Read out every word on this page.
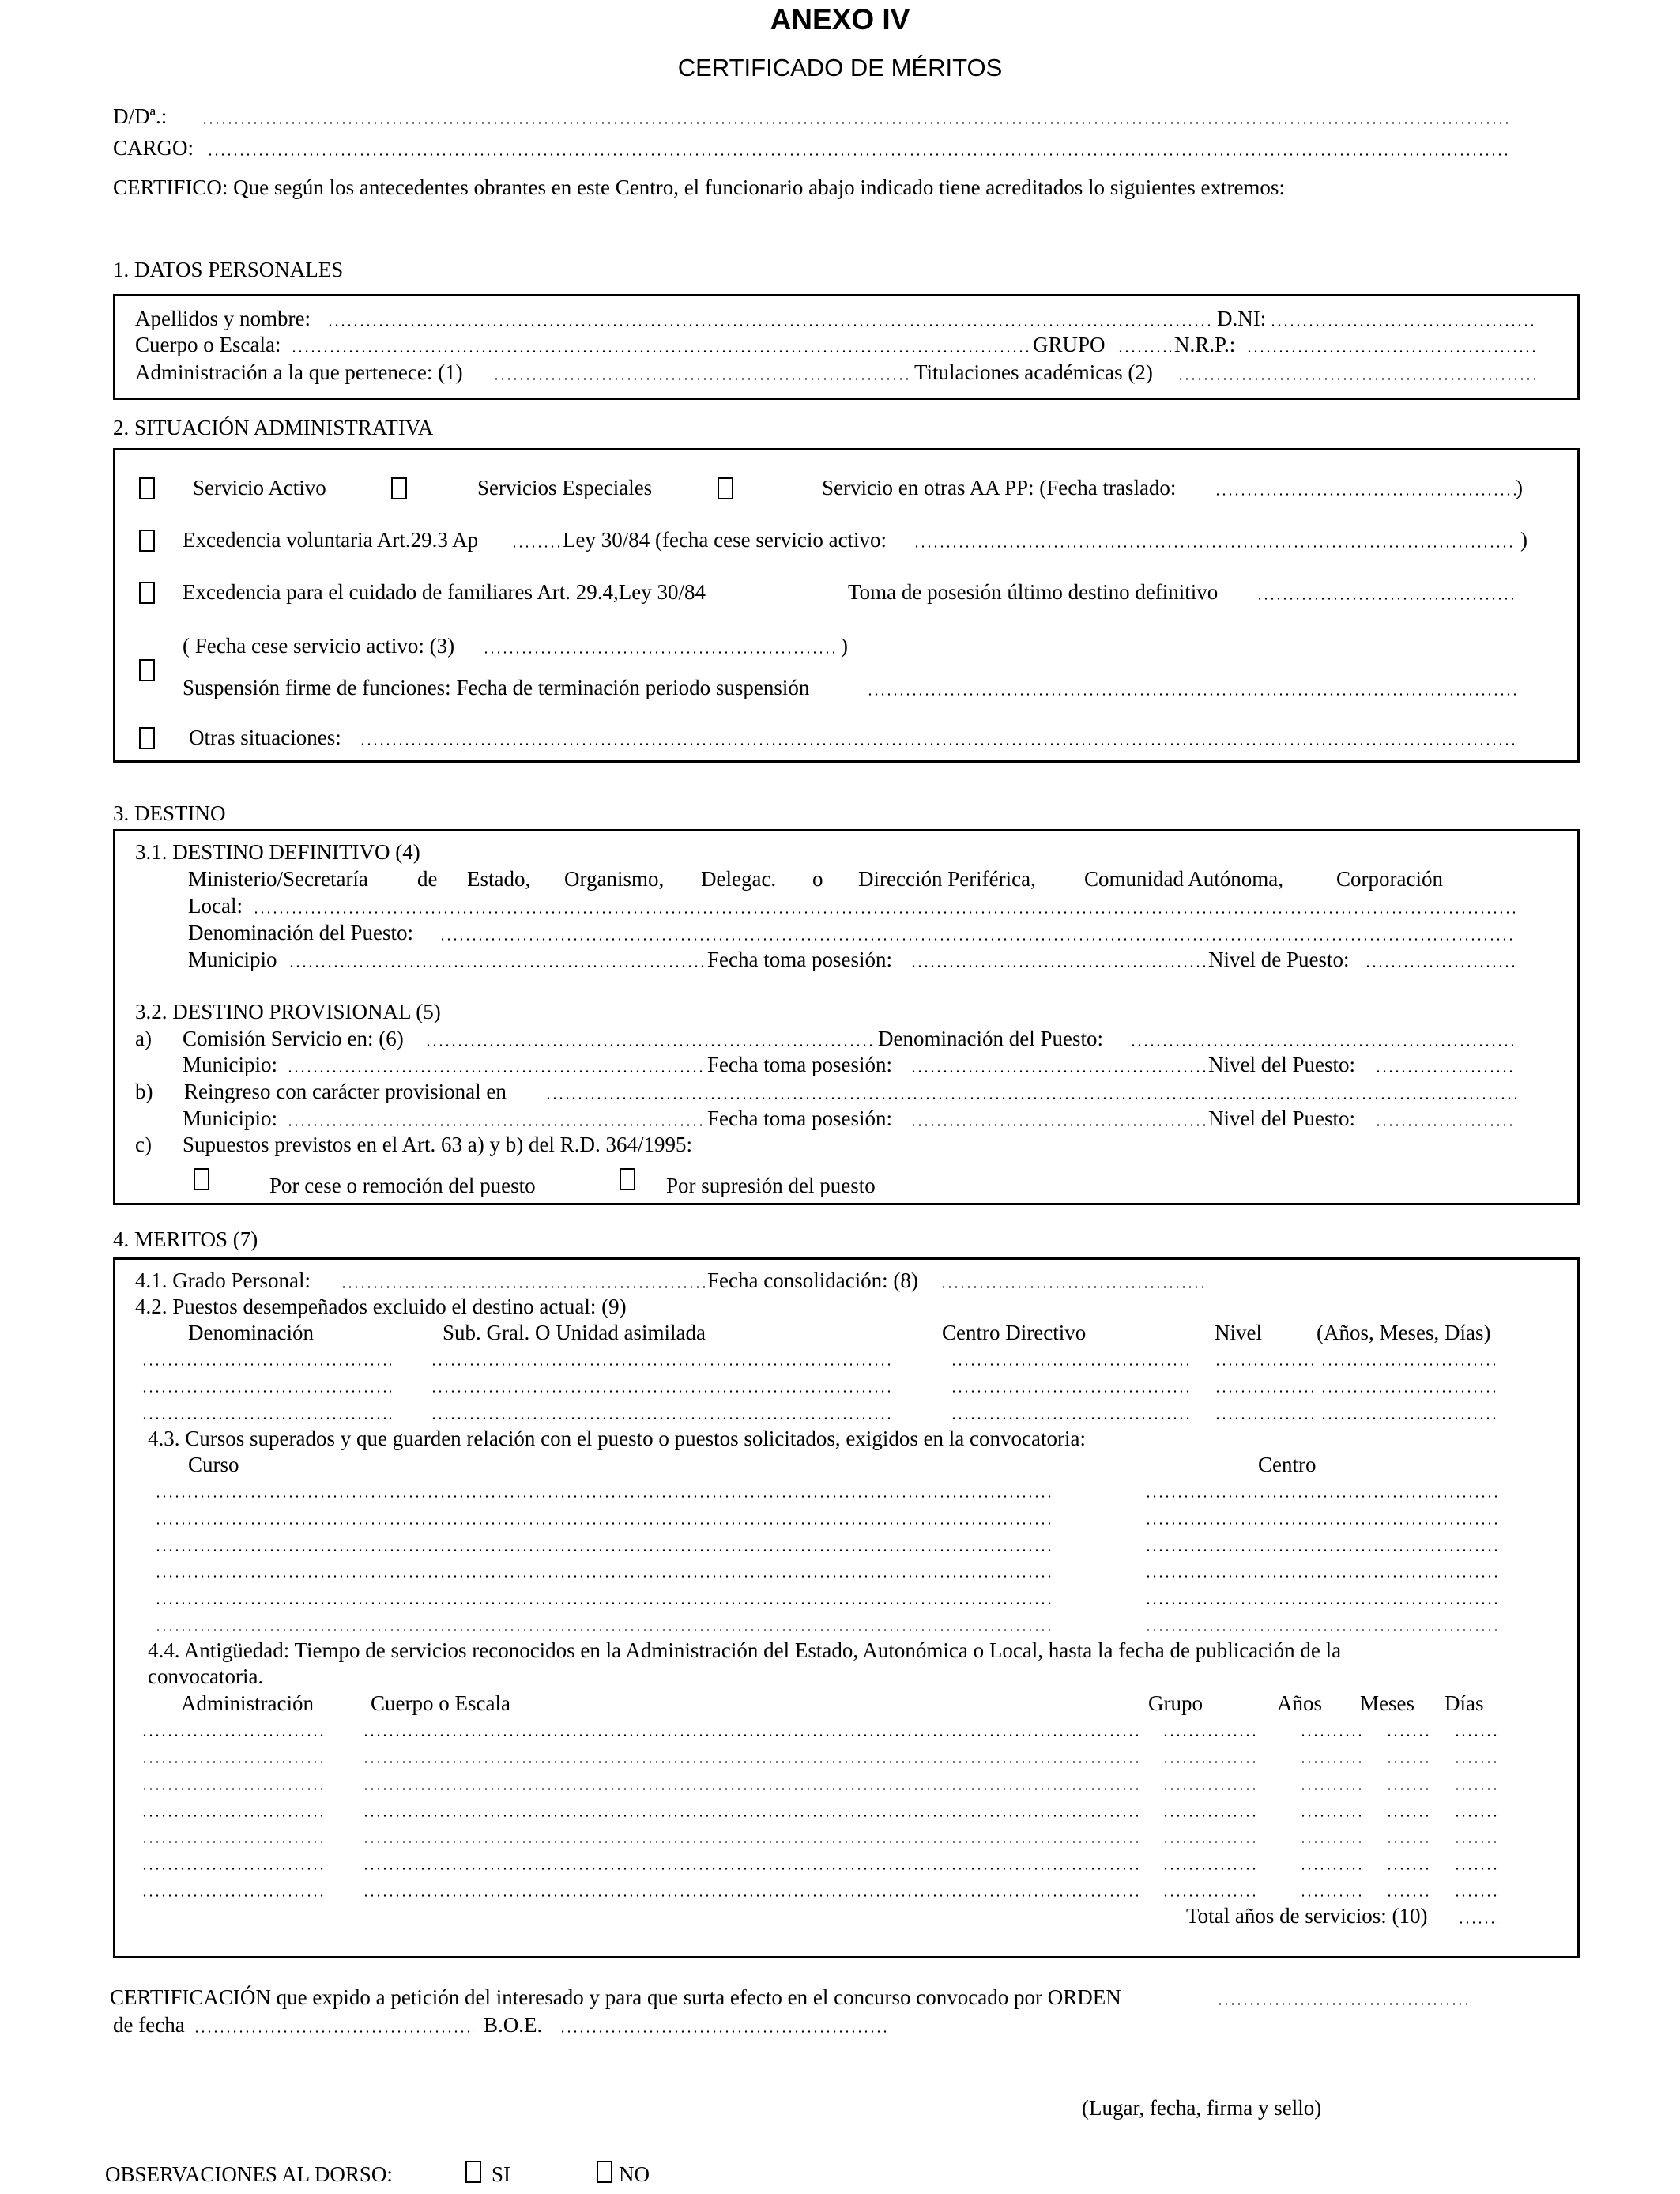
ANEXO IV
CERTIFICADO DE MÉRITOS
D/Dª.:
CARGO:
CERTIFICO: Que según los antecedentes obrantes en este Centro, el funcionario abajo indicado tiene acreditados lo siguientes extremos:
1. DATOS PERSONALES
Apellidos y nombre:	D.NI:
Cuerpo o Escala:	GRUPO	N.R.P.:
Administración a la que pertenece: (1)	Titulaciones académicas (2)
2. SITUACIÓN ADMINISTRATIVA
Servicio Activo	Servicios Especiales	Servicio en otras AA PP: (Fecha traslado:	)
Excedencia voluntaria Art.29.3 Ap	Ley 30/84 (fecha cese servicio activo:	)
Excedencia para el cuidado de familiares Art. 29.4,Ley 30/84	Toma de posesión último destino definitivo
( Fecha cese servicio activo: (3)	)
Suspensión firme de funciones: Fecha de terminación periodo suspensión
Otras situaciones:
3. DESTINO
3.1. DESTINO DEFINITIVO (4)
Ministerio/Secretaría de Estado, Organismo, Delegac. o Dirección Periférica, Comunidad Autónoma, Corporación
Local:
Denominación del Puesto:
Municipio	Fecha toma posesión:	Nivel de Puesto:
3.2. DESTINO PROVISIONAL (5)
a) Comisión Servicio en: (6)	Denominación del Puesto:
Municipio:	Fecha toma posesión:	Nivel del Puesto:
b) Reingreso con carácter provisional en
Municipio:	Fecha toma posesión:	Nivel del Puesto:
c) Supuestos previstos en el Art. 63 a) y b) del R.D. 364/1995:
Por cese o remoción del puesto	Por supresión del puesto
4. MERITOS (7)
4.1. Grado Personal:	Fecha consolidación: (8)
4.2. Puestos desempeñados excluido el destino actual: (9)
Denominación	Sub. Gral. O Unidad asimilada	Centro Directivo	Nivel	(Años, Meses, Días)
4.3. Cursos superados y que guarden relación con el puesto o puestos solicitados, exigidos en la convocatoria:
Curso	Centro
4.4. Antigüedad: Tiempo de servicios reconocidos en la Administración del Estado, Autonómica o Local, hasta la fecha de publicación de la
convocatoria.
Administración	Cuerpo o Escala	Grupo	Años Meses Días
Total años de servicios: (10)
CERTIFICACIÓN que expido a petición del interesado y para que surta efecto en el concurso convocado por ORDEN
de fecha	B.O.E.
(Lugar, fecha, firma y sello)
OBSERVACIONES AL DORSO:	SI	NO
